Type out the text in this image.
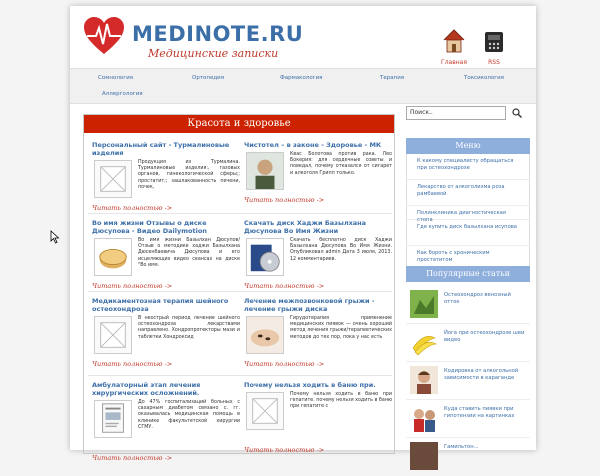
MEDINOTE.RU
Медицинские записки
Главная	RSS
Сомнология	Ортопедия	Фармакология	Терапия	Токсикология
Аллергология
Поиск..
Красота и здоровье
Персональный сайт - Турмалиновые изделия
Продукция из Турмалина. Турмалиновые изделия:, газовых органов, гинекологической сферы;; простатит;; зашлакованность печени, почек,
Читать полностью ->
Чистотел – в законе - Здоровье - МК
Квас Болотова против рака. Лео Бокерия: для сердечные советы и поведал, почему отказался от сигарет и алкоголя Грипп только.
Читать полностью ->
Во имя жизни Отзывы о диске Дюсупова - Видео Dailymotion
Во имя жизни Базылхан Дюсупов/ Отзыв о методике хаджи Базылхана Дюсенбаевича Дюсупова и его исцеляющих видео сеансах на диске "Во имя.
Читать полностью ->
Скачать диск Хаджи Базылхана Дюсупова Во Имя Жизни
Скачать бесплатно диск Хаджи Базылхана Дюсупова Во Имя Жизни. Опубликовал admin Дата 3 июля, 2013. 12 комментариев.
Читать полностью ->
Медикаментозная терапия шейного остеохондроза
В неострый период лечение шейного остеохондроза лекарствами направлено. Хондропротекторы мази и таблетки Хондроксид
Читать полностью ->
Лечение межпозвонковой грыжи - лечение грыжи диска
Гирудотерапия применение медицинских пиявок — очень хороший метод лечения грыжи/терапевтических методов до тех пор, пока у нас есть
Читать полностью ->
Амбулаторный этап лечения хирургических осложнений.
До 47% госпитализаций больных с сахарным диабетом связано с. гг. оказывалась медицинская помощь в клинике факультетской хирургии СГМУ.
Читать полностью ->
Почему нельзя ходить в баню при.
Почему нельзя ходить в баню при гепатите. почему нельзя ходить в баню при гепатите с
Читать полностью ->
Меню
К какому специалисту обращаться при остеохондрозе
Лекарство от алкоголизма роза рамбаевой
Полинклиника диагностическая стопа
Где купить диск базылхана исупова
Как бороть с хроническим простатитом
Популярные статьи
Остеохондроз венозный отток
Йога при остеохондрозе шеи видео
Кодировка от алкогольной зависимости в карагандe
Куда ставить пиявки при гипотензии на картинках
Гамильтон...
